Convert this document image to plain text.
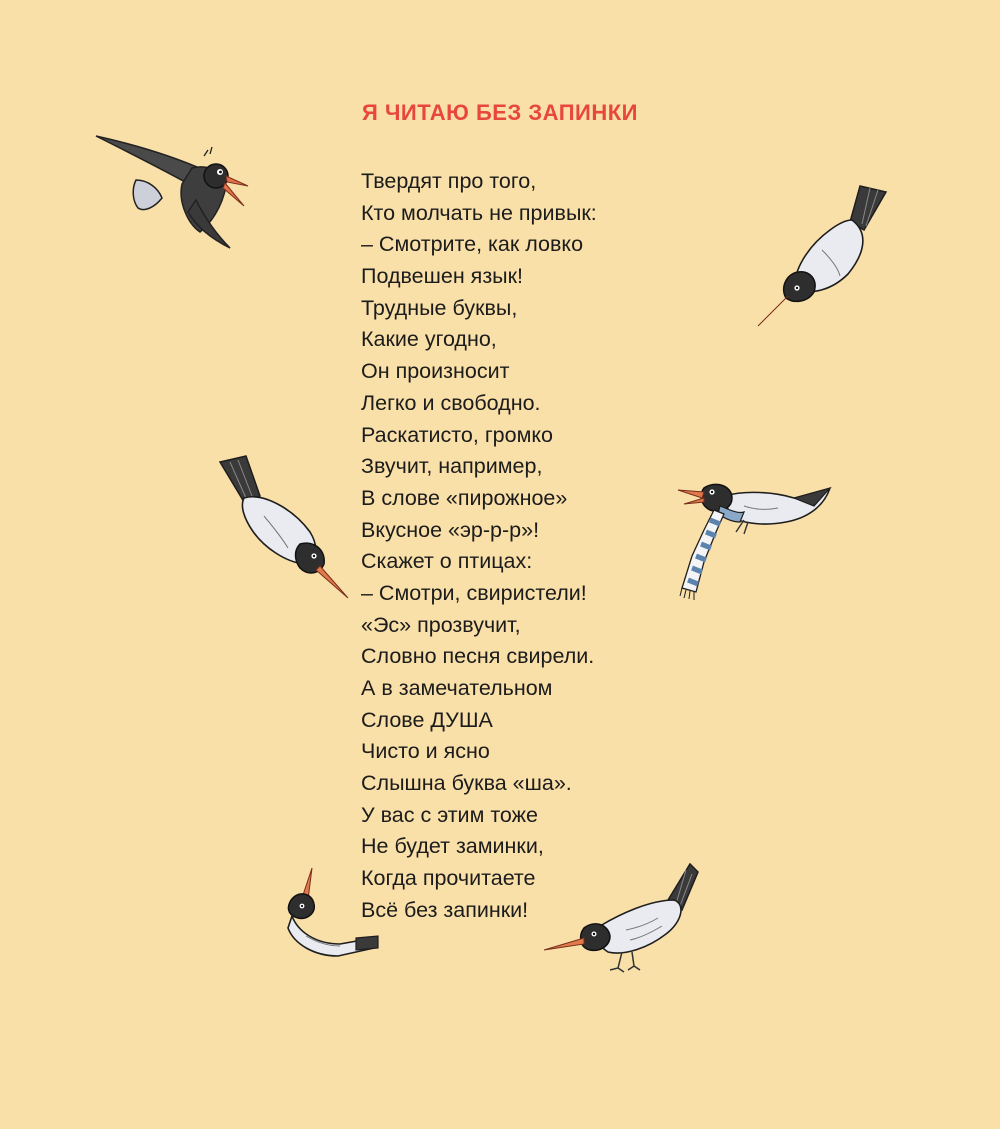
Я ЧИТАЮ БЕЗ ЗАПИНКИ
Твердят про того,
Кто молчать не привык:
– Смотрите, как ловко
Подвешен язык!
Трудные буквы,
Какие угодно,
Он произносит
Легко и свободно.
Раскатисто, громко
Звучит, например,
В слове «пирожное»
Вкусное «эр-р-р»!
Скажет о птицах:
– Смотри, свиристели!
«Эс» прозвучит,
Словно песня свирели.
А в замечательном
Слове ДУША
Чисто и ясно
Слышна буква «ша».
У вас с этим тоже
Не будет заминки,
Когда прочитаете
Всё без запинки!
